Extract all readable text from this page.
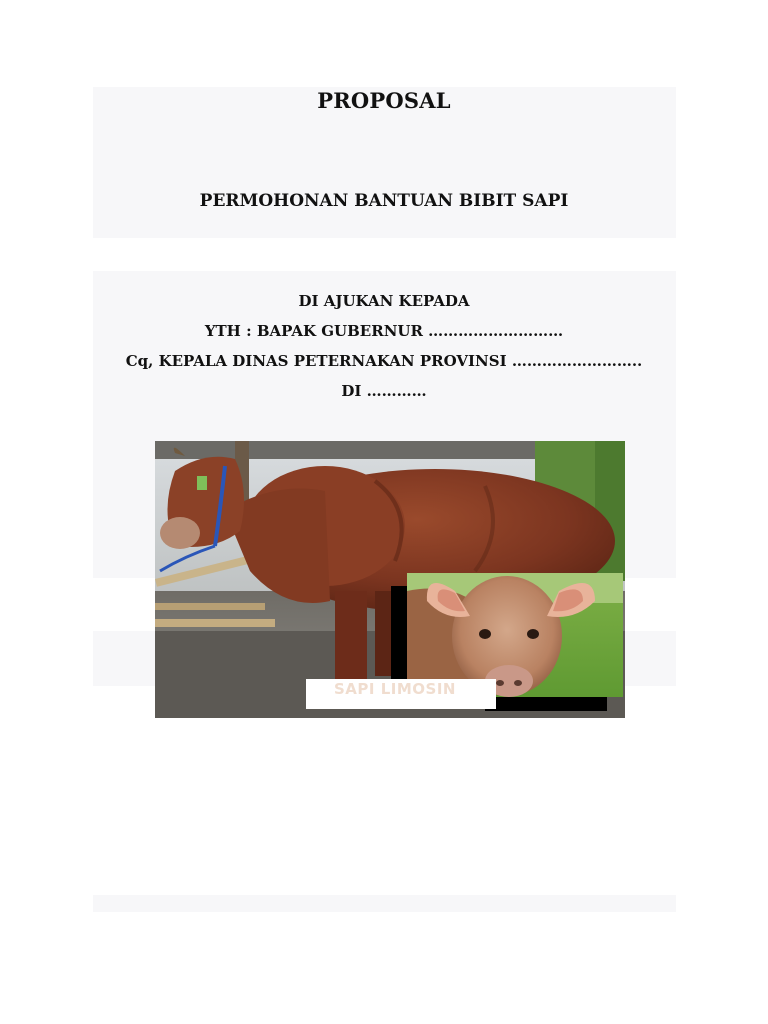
PROPOSAL
PERMOHONAN BANTUAN BIBIT SAPI
DI AJUKAN KEPADA
YTH : BAPAK GUBERNUR ………………………
Cq, KEPALA DINAS PETERNAKAN PROVINSI ……………………..
DI …………
SAPI LIMOSIN
